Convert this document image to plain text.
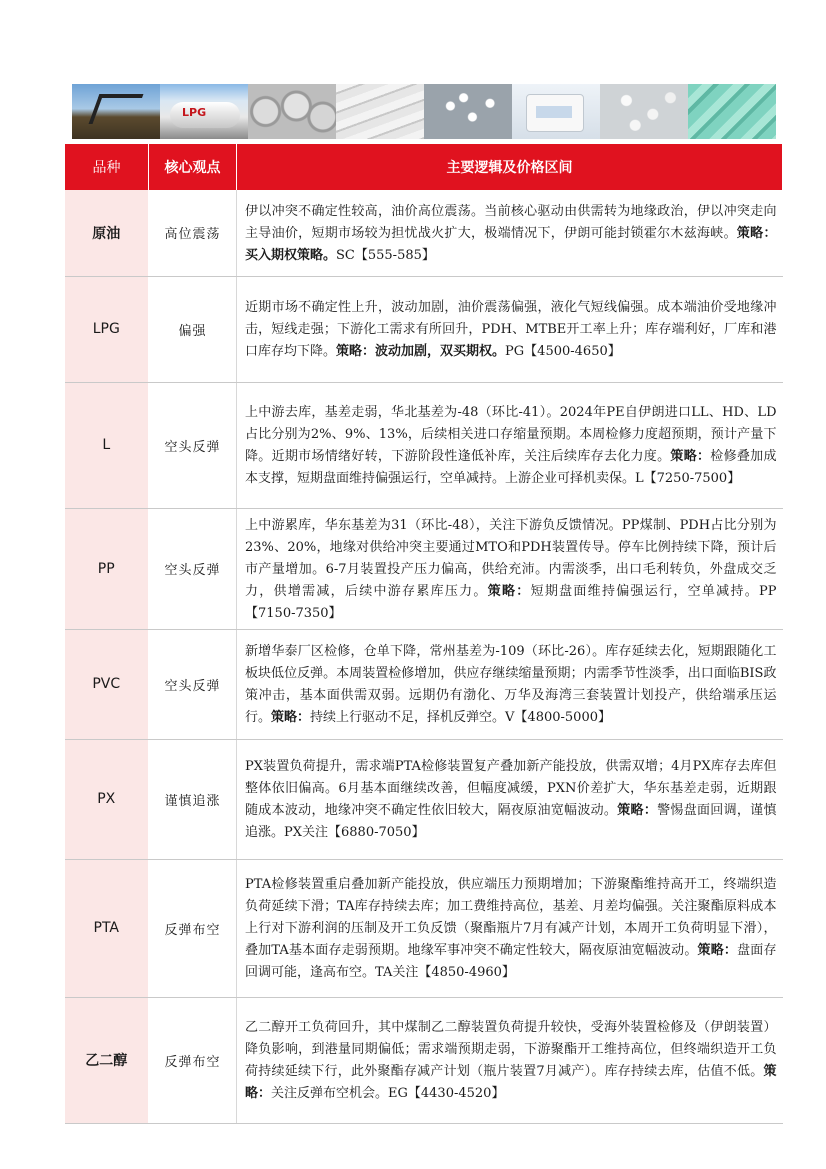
LPG
品种	核心观点	主要逻辑及价格区间
原油	高位震荡	伊以冲突不确定性较高，油价高位震荡。当前核心驱动由供需转为地缘政治，伊以冲突走向主导油价，短期市场较为担忧战火扩大，极端情况下，伊朗可能封锁霍尔木兹海峡。策略：买入期权策略。SC【555-585】
LPG	偏强	近期市场不确定性上升，波动加剧，油价震荡偏强，液化气短线偏强。成本端油价受地缘冲击，短线走强；下游化工需求有所回升，PDH、MTBE开工率上升；库存端利好，厂库和港口库存均下降。策略：波动加剧，双买期权。PG【4500-4650】
L	空头反弹	上中游去库，基差走弱，华北基差为-48（环比-41）。2024年PE自伊朗进口LL、HD、LD占比分别为2%、9%、13%，后续相关进口存缩量预期。本周检修力度超预期，预计产量下降。近期市场情绪好转，下游阶段性逢低补库，关注后续库存去化力度。策略：检修叠加成本支撑，短期盘面维持偏强运行，空单减持。上游企业可择机卖保。L【7250-7500】
PP	空头反弹	上中游累库，华东基差为31（环比-48），关注下游负反馈情况。PP煤制、PDH占比分别为23%、20%，地缘对供给冲突主要通过MTO和PDH装置传导。停车比例持续下降，预计后市产量增加。6-7月装置投产压力偏高，供给充沛。内需淡季，出口毛利转负，外盘成交乏力，供增需减，后续中游存累库压力。策略：短期盘面维持偏强运行，空单减持。PP【7150-7350】
PVC	空头反弹	新增华泰厂区检修，仓单下降，常州基差为-109（环比-26）。库存延续去化，短期跟随化工板块低位反弹。本周装置检修增加，供应存继续缩量预期；内需季节性淡季，出口面临BIS政策冲击，基本面供需双弱。远期仍有渤化、万华及海湾三套装置计划投产，供给端承压运行。策略：持续上行驱动不足，择机反弹空。V【4800-5000】
PX	谨慎追涨	PX装置负荷提升，需求端PTA检修装置复产叠加新产能投放，供需双增；4月PX库存去库但整体依旧偏高。6月基本面继续改善，但幅度减缓，PXN价差扩大，华东基差走弱，近期跟随成本波动，地缘冲突不确定性依旧较大，隔夜原油宽幅波动。策略：警惕盘面回调，谨慎追涨。PX关注【6880-7050】
PTA	反弹布空	PTA检修装置重启叠加新产能投放，供应端压力预期增加；下游聚酯维持高开工，终端织造负荷延续下滑；TA库存持续去库；加工费维持高位，基差、月差均偏强。关注聚酯原料成本上行对下游利润的压制及开工负反馈（聚酯瓶片7月有减产计划，本周开工负荷明显下滑），叠加TA基本面存走弱预期。地缘军事冲突不确定性较大，隔夜原油宽幅波动。策略：盘面存回调可能，逢高布空。TA关注【4850-4960】
乙二醇	反弹布空	乙二醇开工负荷回升，其中煤制乙二醇装置负荷提升较快，受海外装置检修及（伊朗装置）降负影响，到港量同期偏低；需求端预期走弱，下游聚酯开工维持高位，但终端织造开工负荷持续延续下行，此外聚酯存减产计划（瓶片装置7月减产）。库存持续去库，估值不低。策略：关注反弹布空机会。EG【4430-4520】
